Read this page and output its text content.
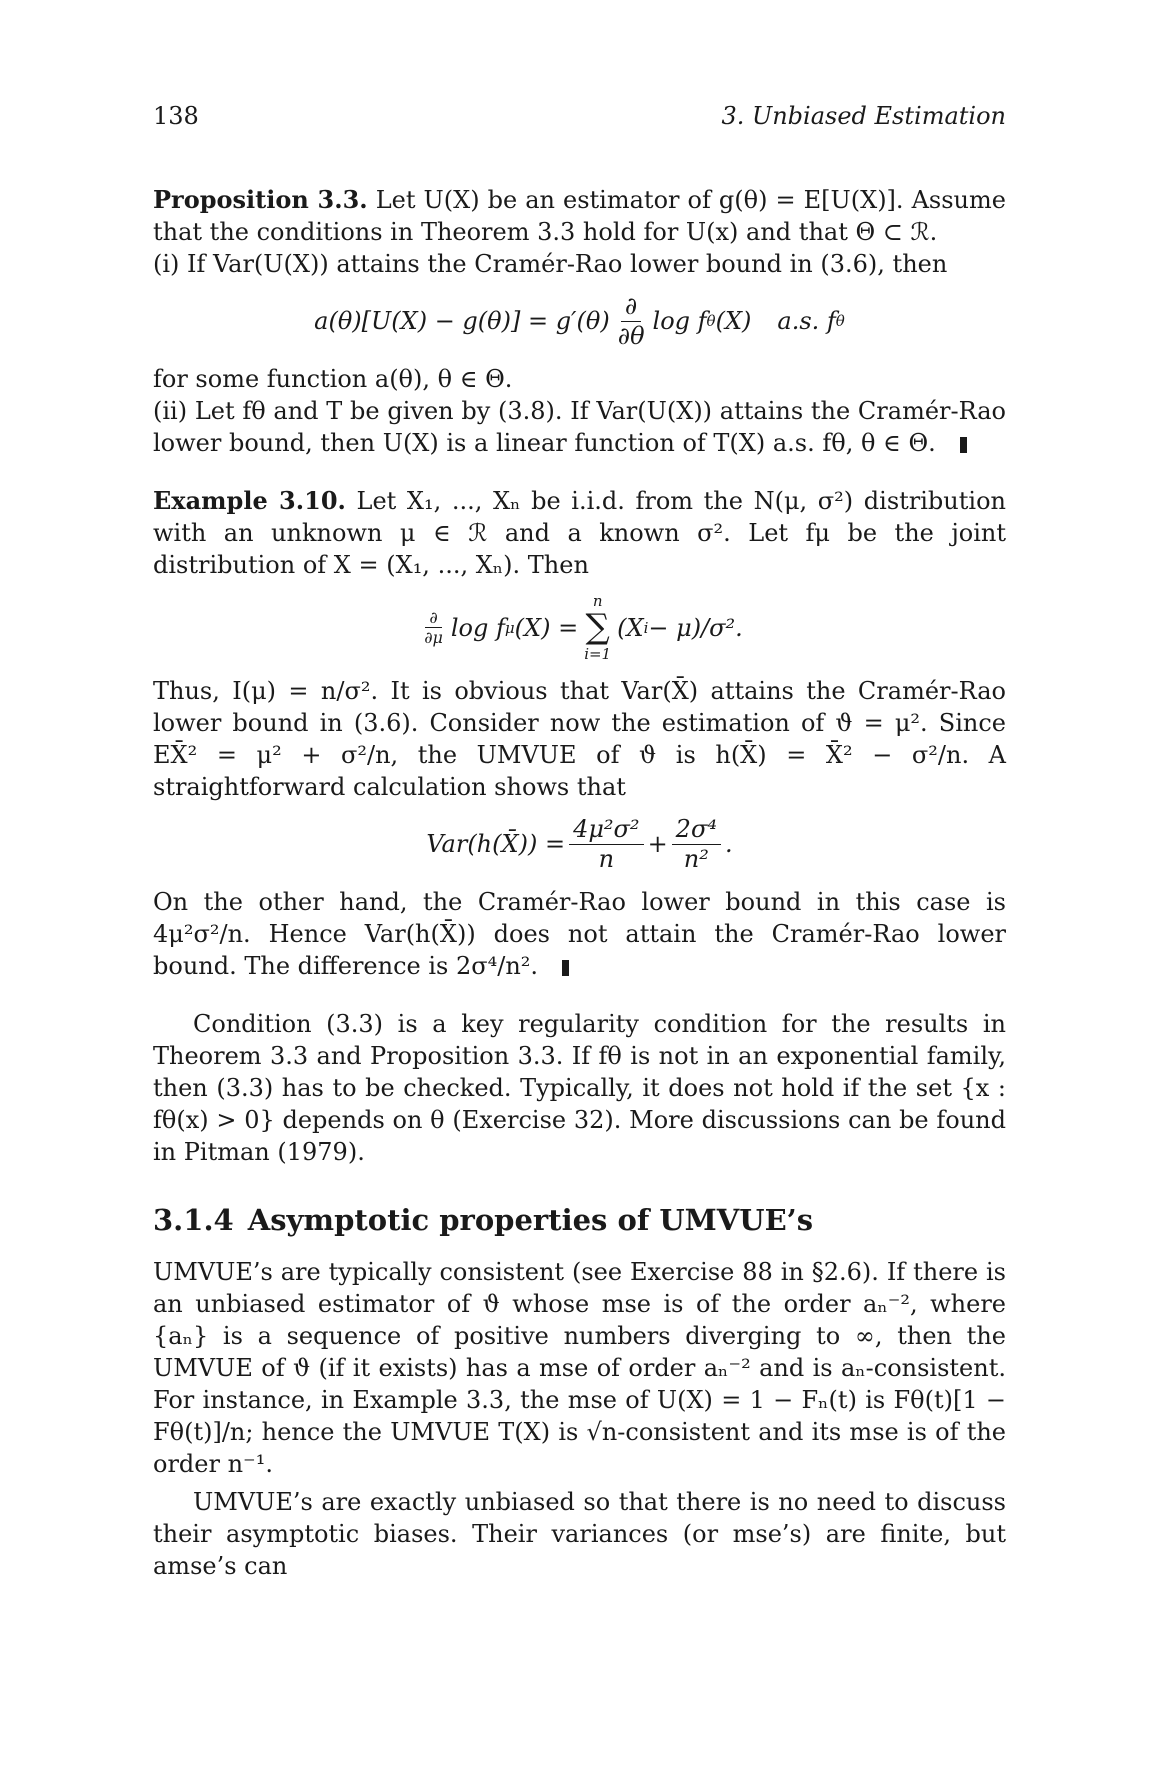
138	3. Unbiased Estimation

Proposition 3.3. Let U(X) be an estimator of g(θ) = E[U(X)]. Assume that the conditions in Theorem 3.3 hold for U(x) and that Θ ⊂ ℛ.

(i) If Var(U(X)) attains the Cramér-Rao lower bound in (3.6), then

$a(\theta)[U(X) - g(\theta)] = g'(\theta) \frac{\partial}{\partial\theta}$ log f θ (X) a.s. f θ

for some function a(θ), θ ∈ Θ.

(ii) Let fθ and T be given by (3.8). If Var(U(X)) attains the Cramér-Rao lower bound, then U(X) is a linear function of T(X) a.s. fθ, θ ∈ Θ.

Example 3.10. Let X₁, ..., Xₙ be i.i.d. from the N(μ, σ²) distribution with an unknown μ ∈ ℛ and a known σ². Let fμ be the joint distribution of X = (X₁, ..., Xₙ). Then

$\frac{\partial}{\partial\mu}$ log f μ (X) =
n
∑
i=1
(X i − μ)/σ².

Thus, I(μ) = n/σ². It is obvious that Var(X̄) attains the Cramér-Rao lower bound in (3.6). Consider now the estimation of ϑ = μ². Since EX̄² = μ² + σ²/n, the UMVUE of ϑ is h(X̄) = X̄² − σ²/n. A straightforward calculation shows that

Var(h(X̄)) = $\frac{\text{4μ²σ²}}{n} + \frac{\text{2σ⁴}}{\text{n²}}$ .

On the other hand, the Cramér-Rao lower bound in this case is 4μ²σ²/n. Hence Var(h(X̄)) does not attain the Cramér-Rao lower bound. The difference is 2σ⁴/n².

Condition (3.3) is a key regularity condition for the results in Theorem 3.3 and Proposition 3.3. If fθ is not in an exponential family, then (3.3) has to be checked. Typically, it does not hold if the set {x : fθ(x) > 0} depends on θ (Exercise 32). More discussions can be found in Pitman (1979).

3.1.4 Asymptotic properties of UMVUE’s

UMVUE’s are typically consistent (see Exercise 88 in §2.6). If there is an unbiased estimator of ϑ whose mse is of the order aₙ⁻², where {aₙ} is a sequence of positive numbers diverging to ∞, then the UMVUE of ϑ (if it exists) has a mse of order aₙ⁻² and is aₙ-consistent. For instance, in Example 3.3, the mse of U(X) = 1 − Fₙ(t) is Fθ(t)[1 − Fθ(t)]/n; hence the UMVUE T(X) is √n-consistent and its mse is of the order n⁻¹.

UMVUE’s are exactly unbiased so that there is no need to discuss their asymptotic biases. Their variances (or mse’s) are finite, but amse’s can
